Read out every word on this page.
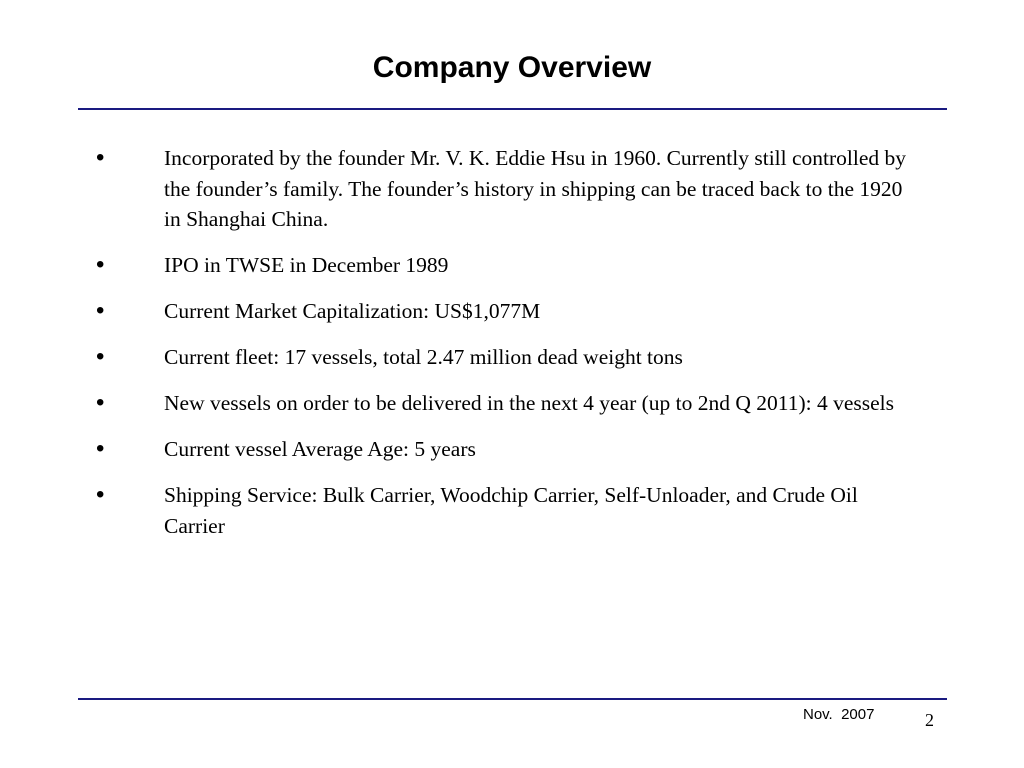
Company Overview
•	Incorporated by the founder Mr. V. K. Eddie Hsu in 1960. Currently still controlled by the founder’s family. The founder’s history in shipping can be traced back to the 1920 in Shanghai China.
•	IPO in TWSE in December 1989
•	Current Market Capitalization: US$1,077M
•	Current fleet: 17 vessels, total 2.47 million dead weight tons
•	New vessels on order to be delivered in the next 4 year (up to 2nd Q 2011): 4 vessels
•	Current vessel Average Age: 5 years
•	Shipping Service: Bulk Carrier, Woodchip Carrier, Self-Unloader, and Crude Oil Carrier
Nov.  2007	2
